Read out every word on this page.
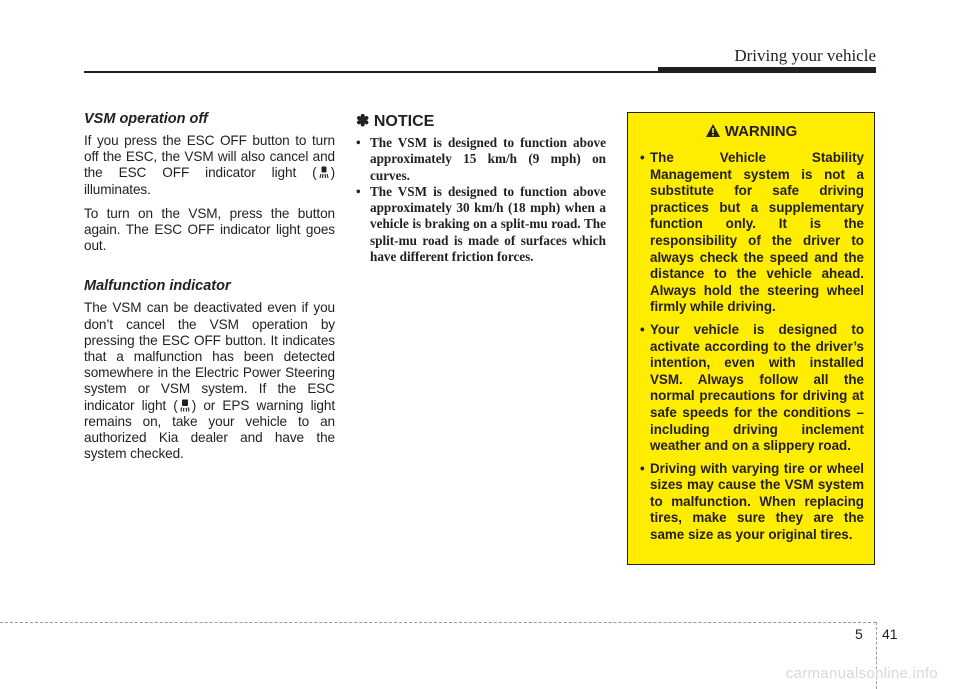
Driving your vehicle
VSM operation off

If you press the ESC OFF button to turn off the ESC, the VSM will also cancel and the ESC OFF indicator light ( ) illuminates.

To turn on the VSM, press the button again. The ESC OFF indicator light goes out.

Malfunction indicator

The VSM can be deactivated even if you don’t cancel the VSM operation by pressing the ESC OFF button. It indicates that a malfunction has been detected somewhere in the Electric Power Steering system or VSM system. If the ESC indicator light ( ) or EPS warning light remains on, take your vehicle to an authorized Kia dealer and have the system checked.

✽ NOTICE
• The VSM is designed to function above approximately 15 km/h (9 mph) on curves.
• The VSM is designed to function above approximately 30 km/h (18 mph) when a vehicle is braking on a split-mu road. The split-mu road is made of surfaces which have different friction forces.
WARNING
• The Vehicle Stability Management system is not a substitute for safe driving practices but a supplementary function only. It is the responsibility of the driver to always check the speed and the distance to the vehicle ahead. Always hold the steering wheel firmly while driving.
• Your vehicle is designed to activate according to the driver’s intention, even with installed VSM. Always follow all the normal precautions for driving at safe speeds for the conditions – including driving inclement weather and on a slippery road.
• Driving with varying tire or wheel sizes may cause the VSM system to malfunction. When replacing tires, make sure they are the same size as your original tires.
5 41
carmanualsonline.info
